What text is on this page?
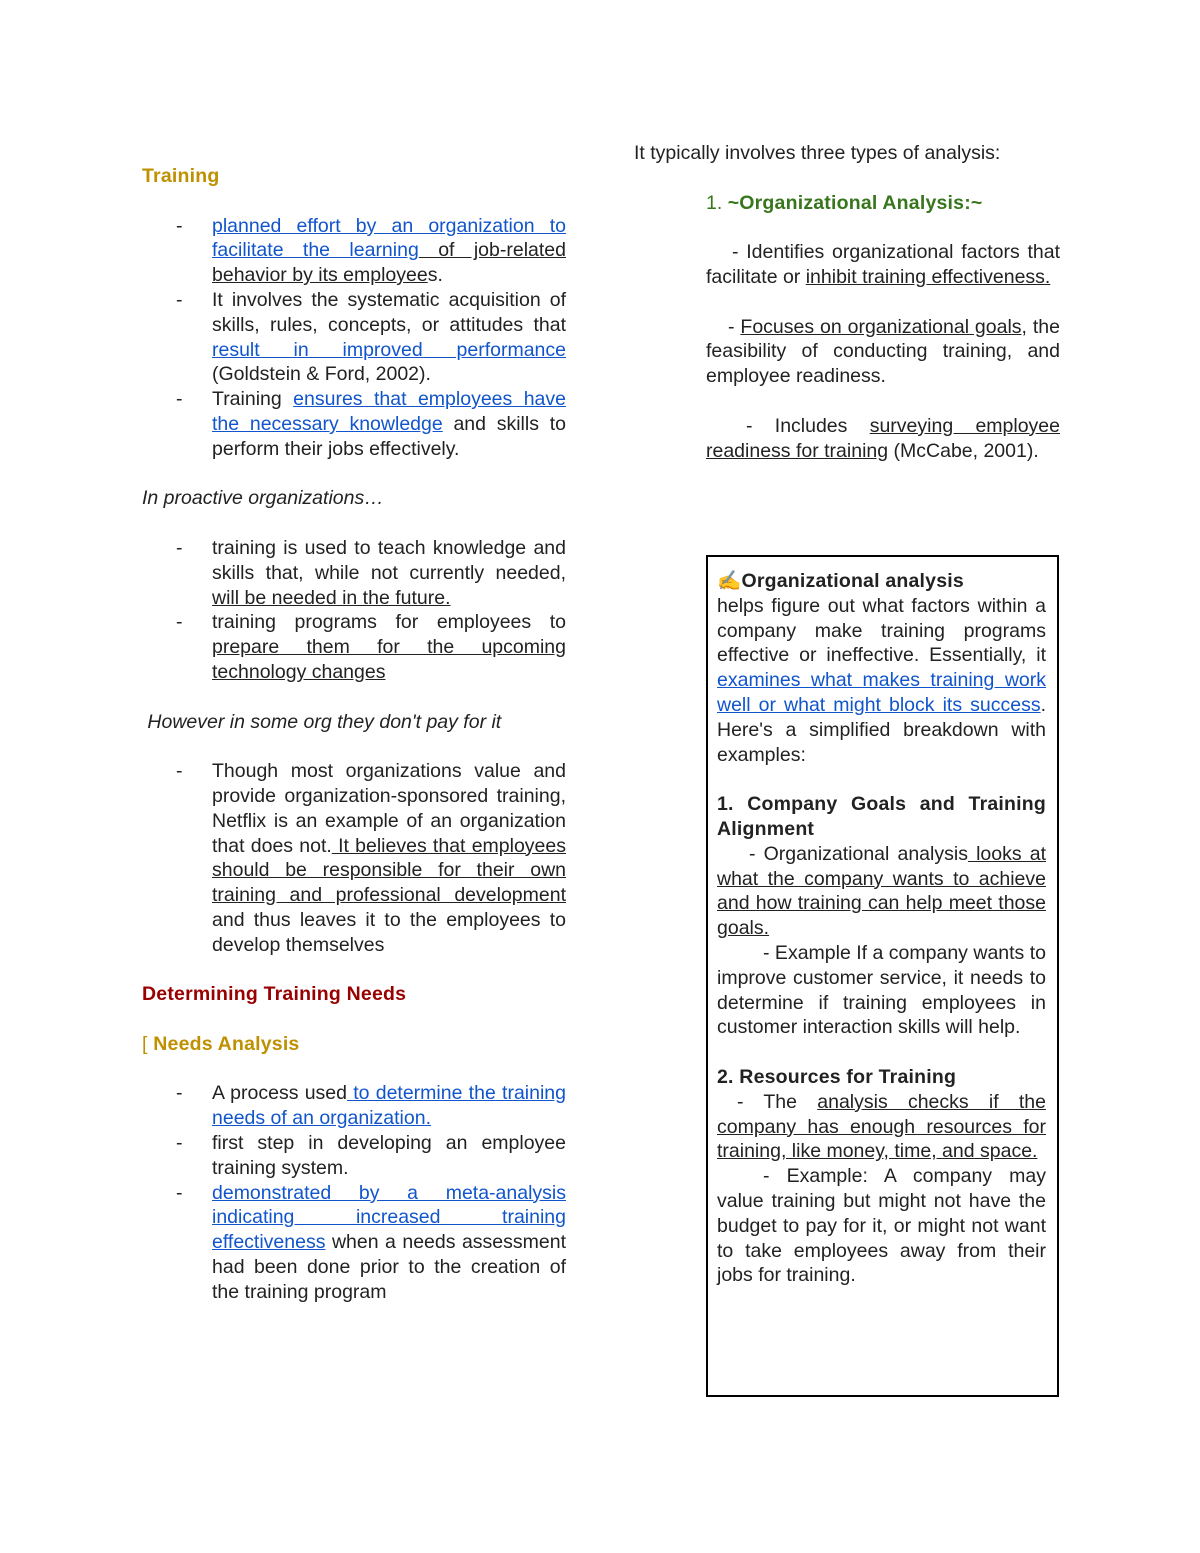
Training
- planned effort by an organization to facilitate the learning of job-related behavior by its employees.
- It involves the systematic acquisition of skills, rules, concepts, or attitudes that result in improved performance (Goldstein & Ford, 2002).
- Training ensures that employees have the necessary knowledge and skills to perform their jobs effectively.
In proactive organizations…
- training is used to teach knowledge and skills that, while not currently needed, will be needed in the future.
- training programs for employees to prepare them for the upcoming technology changes
However in some org they don't pay for it
- Though most organizations value and provide organization-sponsored training, Netflix is an example of an organization that does not. It believes that employees should be responsible for their own training and professional development and thus leaves it to the employees to develop themselves
Determining Training Needs
[ Needs Analysis
- A process used to determine the training needs of an organization.
- first step in developing an employee training system.
- demonstrated by a meta-analysis indicating increased training effectiveness when a needs assessment had been done prior to the creation of the training program
It typically involves three types of analysis:
1. ~Organizational Analysis:~
- Identifies organizational factors that facilitate or inhibit training effectiveness.
- Focuses on organizational goals, the feasibility of conducting training, and employee readiness.
- Includes surveying employee readiness for training (McCabe, 2001).
✍Organizational analysis
helps figure out what factors within a company make training programs effective or ineffective. Essentially, it examines what makes training work well or what might block its success. Here's a simplified breakdown with examples:
1. Company Goals and Training Alignment
- Organizational analysis looks at what the company wants to achieve and how training can help meet those goals.
- Example If a company wants to improve customer service, it needs to determine if training employees in customer interaction skills will help.
2. Resources for Training
- The analysis checks if the company has enough resources for training, like money, time, and space.
- Example: A company may value training but might not have the budget to pay for it, or might not want to take employees away from their jobs for training.
